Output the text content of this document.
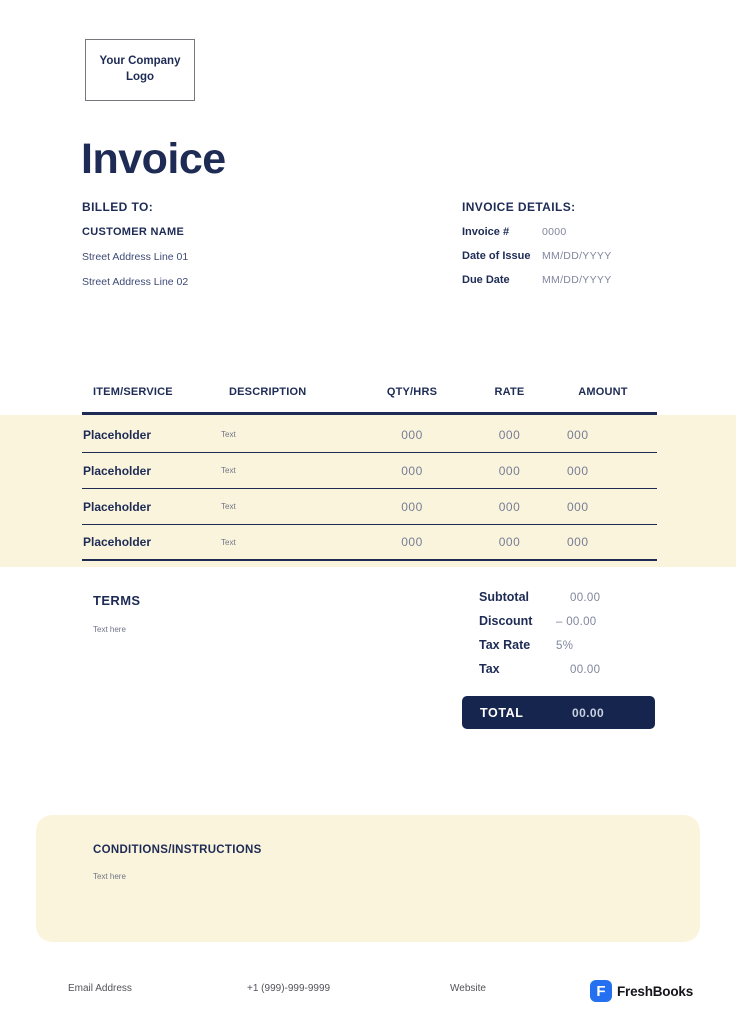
Your Company Logo
Invoice
BILLED TO:
CUSTOMER NAME
Street Address Line 01
Street Address Line 02
INVOICE DETAILS:
Invoice #	0000
Date of Issue	MM/DD/YYYY
Due Date	MM/DD/YYYY
ITEM/SERVICE	DESCRIPTION	QTY/HRS	RATE	AMOUNT
Placeholder	Text	000	000	000
Placeholder	Text	000	000	000
Placeholder	Text	000	000	000
Placeholder	Text	000	000	000
TERMS
Text here
Subtotal	00.00
Discount	– 00.00
Tax Rate	5%
Tax	00.00
TOTAL	00.00
CONDITIONS/INSTRUCTIONS
Text here
Email Address	+1 (999)-999-9999	Website	F FreshBooks
